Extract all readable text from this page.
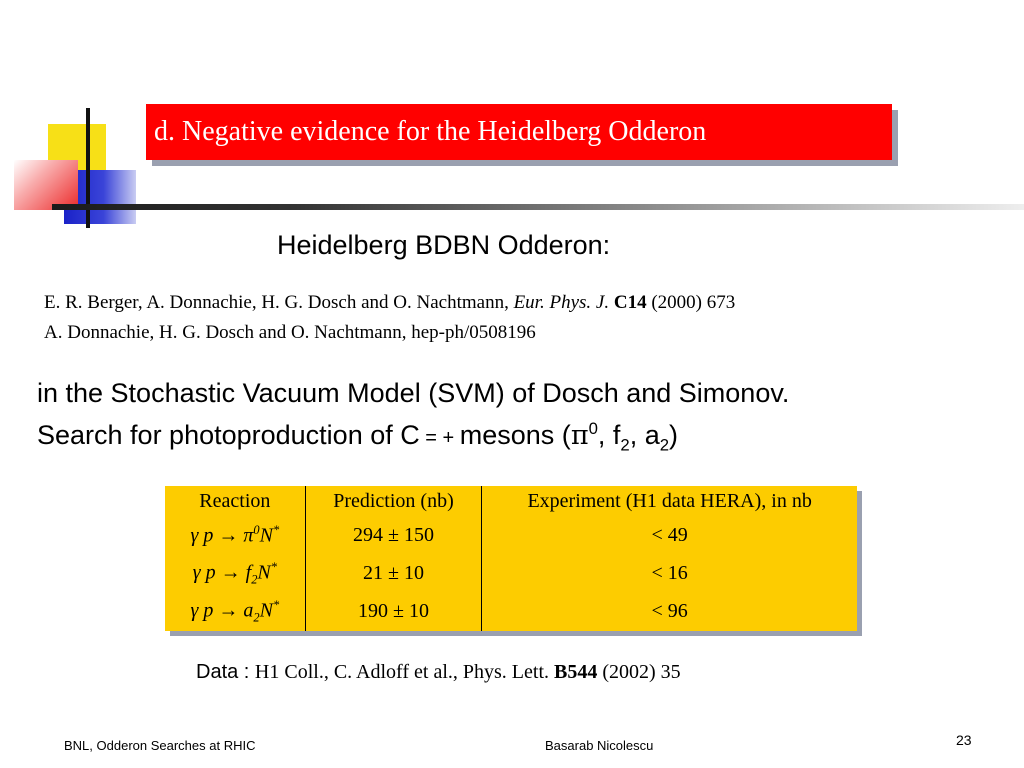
d. Negative evidence for the Heidelberg Odderon
Heidelberg BDBN Odderon:
E. R. Berger, A. Donnachie, H. G. Dosch and O. Nachtmann, Eur. Phys. J. C14 (2000) 673
A. Donnachie, H. G. Dosch and O. Nachtmann, hep-ph/0508196
in the Stochastic Vacuum Model (SVM) of Dosch and Simonov.
Search for photoproduction of C = + mesons ($\pi^0$, $f_2$, $a_2$)
Reaction	Prediction (nb)	Experiment (H1 data HERA), in nb
γ $p \to \pi^0N^*$	294 ± 150	< 49
γ $p \to f_2N^*$	21 ± 10	< 16
γ $p \to a_2N^*$	190 ± 10	< 96
Data : H1 Coll., C. Adloff et al., Phys. Lett. B544 (2002) 35
BNL, Odderon Searches at RHIC	Basarab Nicolescu	23
